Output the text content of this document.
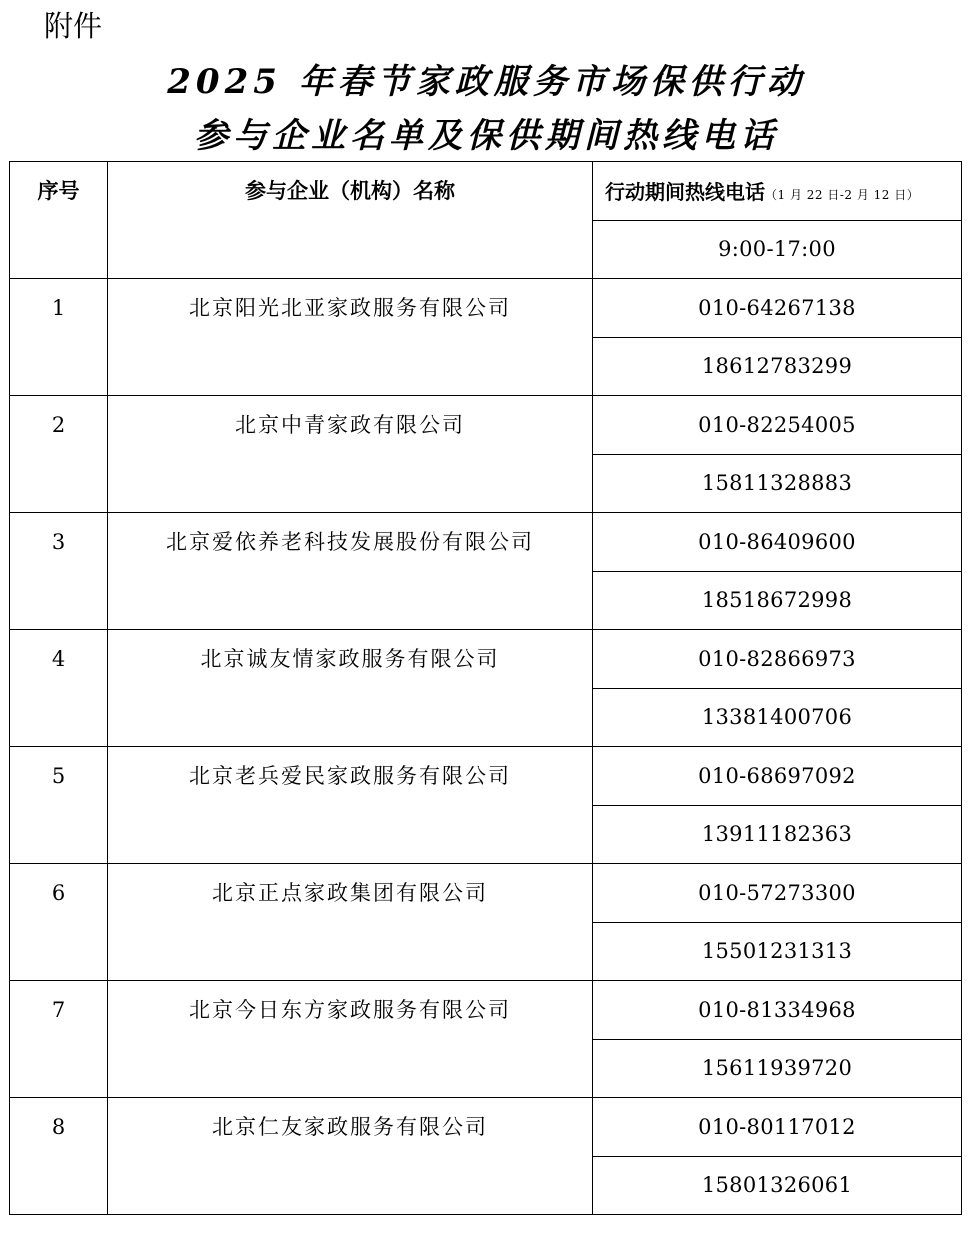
附件
2025 年春节家政服务市场保供行动
参与企业名单及保供期间热线电话
序号	参与企业（机构）名称	行动期间热线电话（1 月 22 日-2 月 12 日）
		9:00-17:00
1	北京阳光北亚家政服务有限公司	010-64267138
		18612783299
2	北京中青家政有限公司	010-82254005
		15811328883
3	北京爱依养老科技发展股份有限公司	010-86409600
		18518672998
4	北京诚友情家政服务有限公司	010-82866973
		13381400706
5	北京老兵爱民家政服务有限公司	010-68697092
		13911182363
6	北京正点家政集团有限公司	010-57273300
		15501231313
7	北京今日东方家政服务有限公司	010-81334968
		15611939720
8	北京仁友家政服务有限公司	010-80117012
		15801326061
